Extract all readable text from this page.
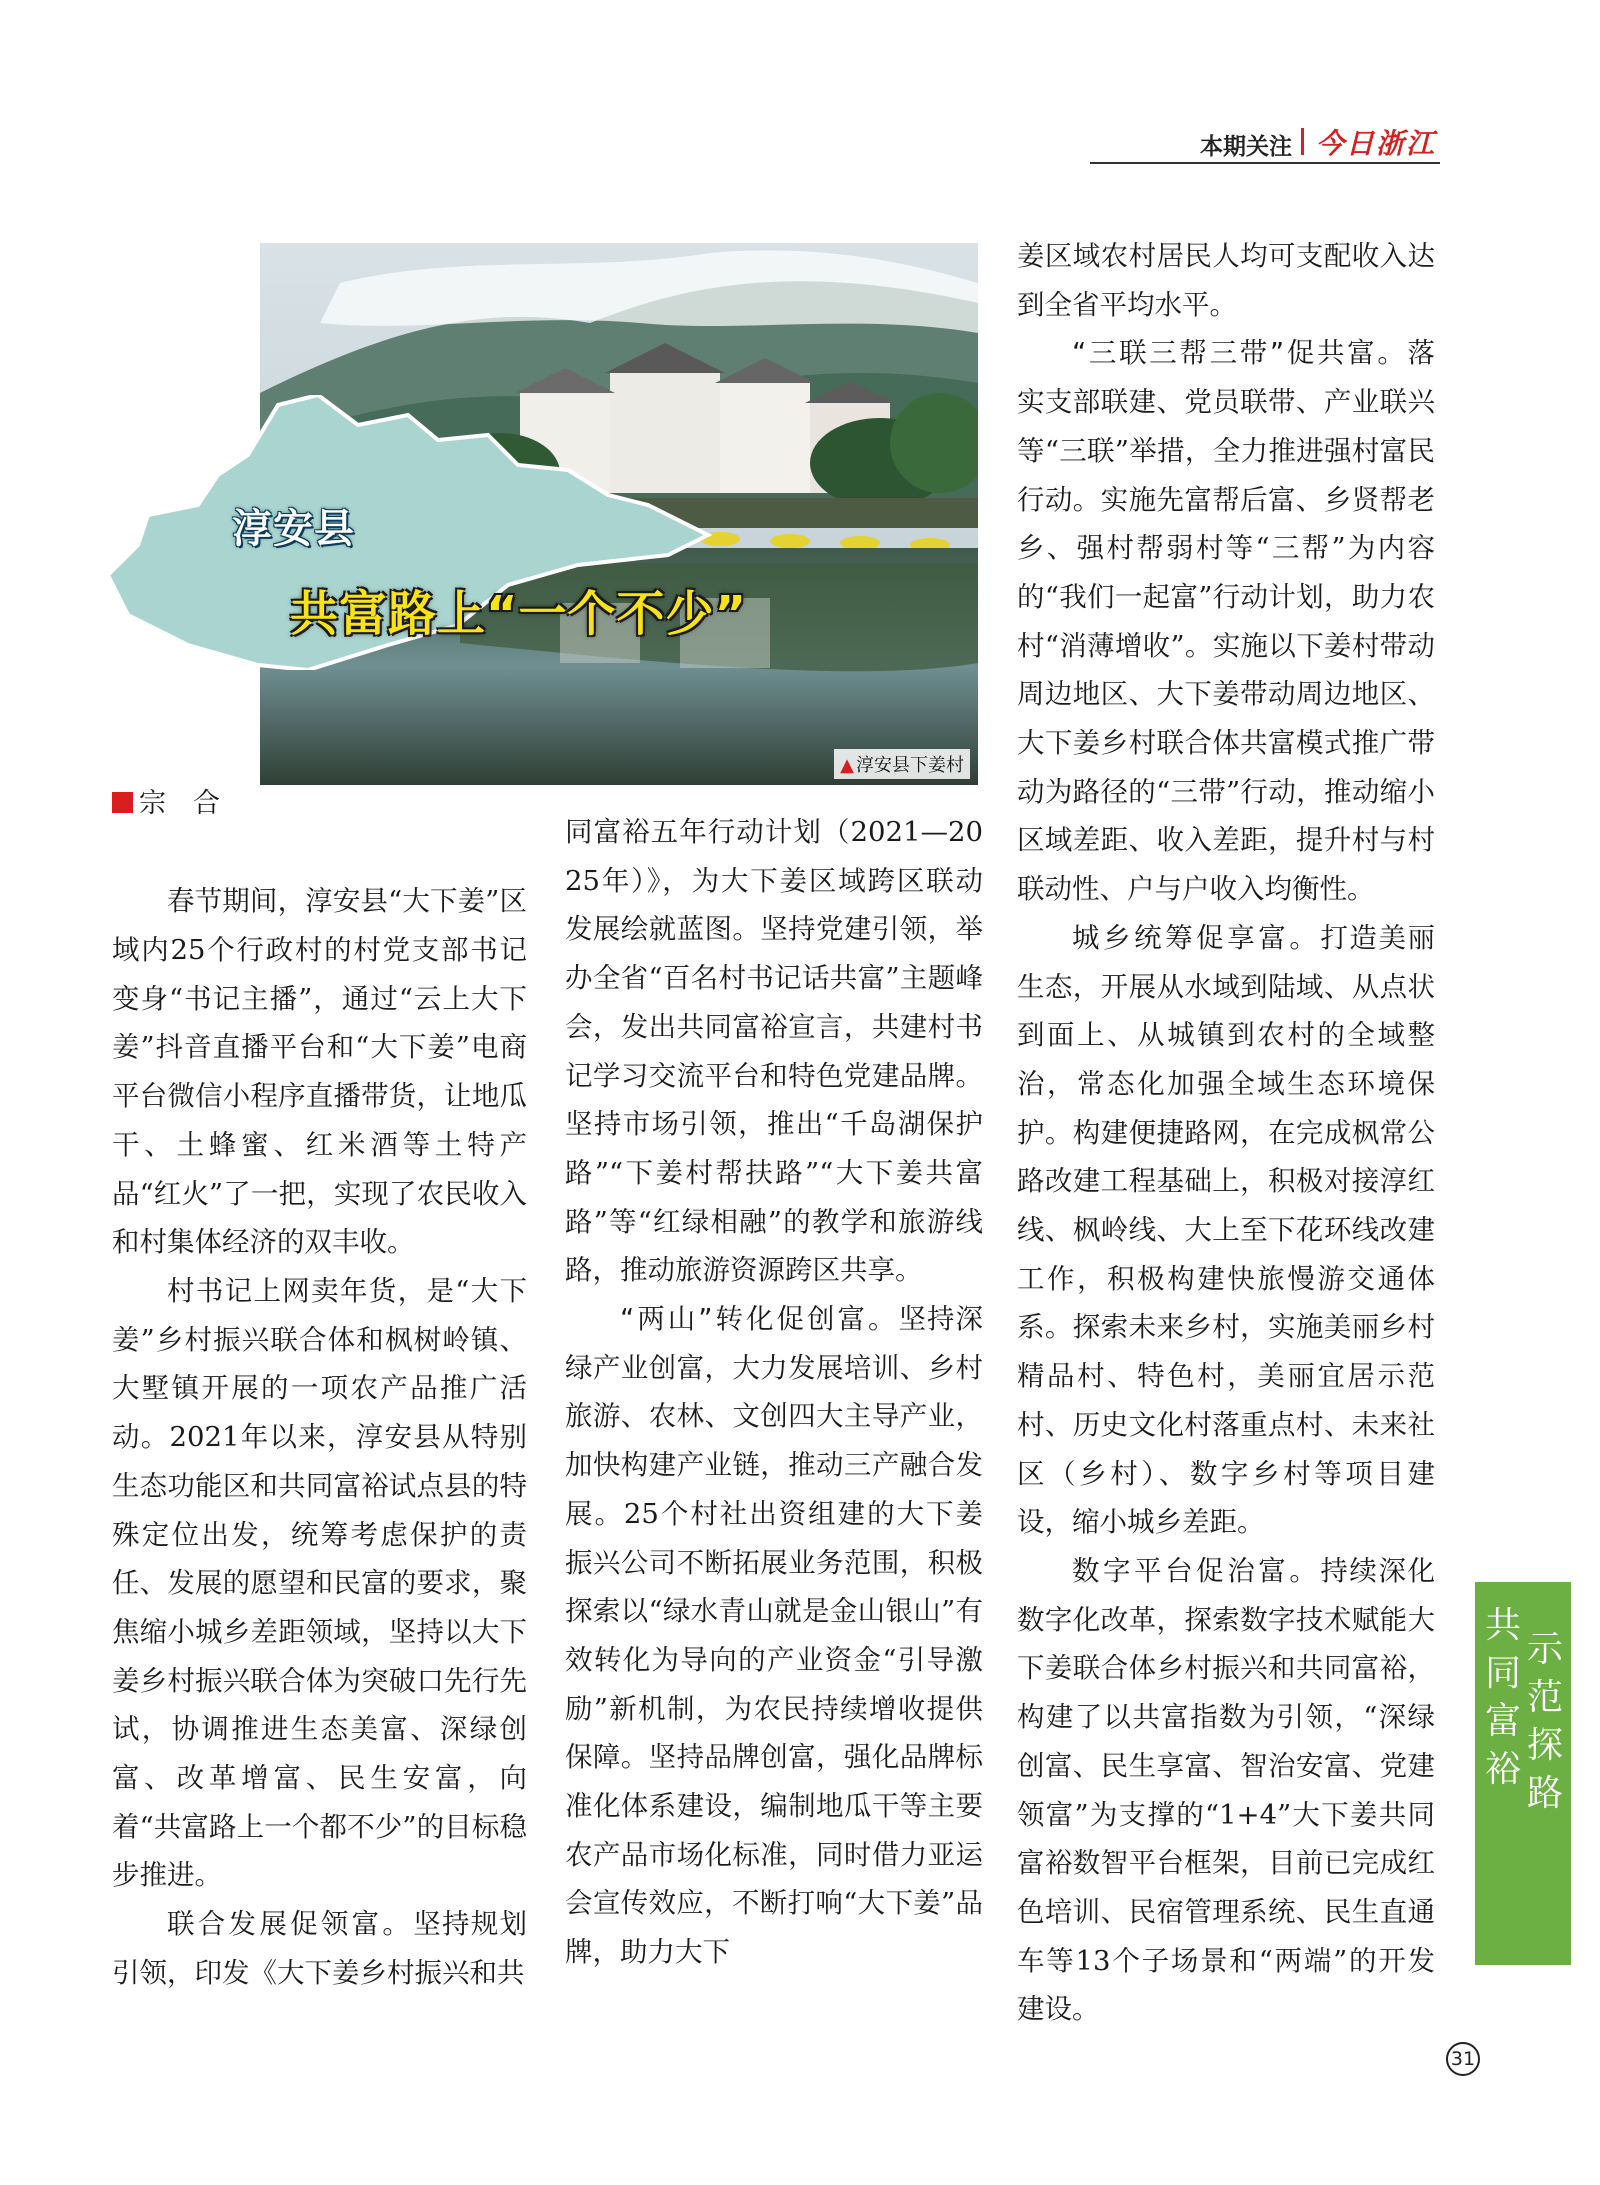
本期关注 今日浙江
▲ 淳安县下姜村
淳安县
共富路上“一个不少”
宗　合

春节期间，淳安县“大下姜”区域内25个行政村的村党支部书记变身“书记主播”，通过“云上大下姜”抖音直播平台和“大下姜”电商平台微信小程序直播带货，让地瓜干、土蜂蜜、红米酒等土特产品“红火”了一把，实现了农民收入和村集体经济的双丰收。

村书记上网卖年货，是“大下姜”乡村振兴联合体和枫树岭镇、大墅镇开展的一项农产品推广活动。2021年以来，淳安县从特别生态功能区和共同富裕试点县的特殊定位出发，统筹考虑保护的责任、发展的愿望和民富的要求，聚焦缩小城乡差距领域，坚持以大下姜乡村振兴联合体为突破口先行先试，协调推进生态美富、深绿创富、改革增富、民生安富，向着“共富路上一个都不少”的目标稳步推进。

联合发展促领富。坚持规划引领，印发《大下姜乡村振兴和共

同富裕五年行动计划（2021—2025年）》，为大下姜区域跨区联动发展绘就蓝图。坚持党建引领，举办全省“百名村书记话共富”主题峰会，发出共同富裕宣言，共建村书记学习交流平台和特色党建品牌。坚持市场引领，推出“千岛湖保护路”“下姜村帮扶路”“大下姜共富路”等“红绿相融”的教学和旅游线路，推动旅游资源跨区共享。

“两山”转化促创富。坚持深绿产业创富，大力发展培训、乡村旅游、农林、文创四大主导产业，加快构建产业链，推动三产融合发展。25个村社出资组建的大下姜振兴公司不断拓展业务范围，积极探索以“绿水青山就是金山银山”有效转化为导向的产业资金“引导激励”新机制，为农民持续增收提供保障。坚持品牌创富，强化品牌标准化体系建设，编制地瓜干等主要农产品市场化标准，同时借力亚运会宣传效应，不断打响“大下姜”品牌，助力大下

姜区域农村居民人均可支配收入达到全省平均水平。

“三联三帮三带”促共富。落实支部联建、党员联带、产业联兴等“三联”举措，全力推进强村富民行动。实施先富帮后富、乡贤帮老乡、强村帮弱村等“三帮”为内容的“我们一起富”行动计划，助力农村“消薄增收”。实施以下姜村带动周边地区、大下姜带动周边地区、大下姜乡村联合体共富模式推广带动为路径的“三带”行动，推动缩小区域差距、收入差距，提升村与村联动性、户与户收入均衡性。

城乡统筹促享富。打造美丽生态，开展从水域到陆域、从点状到面上、从城镇到农村的全域整治，常态化加强全域生态环境保护。构建便捷路网，在完成枫常公路改建工程基础上，积极对接淳红线、枫岭线、大上至下花环线改建工作，积极构建快旅慢游交通体系。探索未来乡村，实施美丽乡村精品村、特色村，美丽宜居示范村、历史文化村落重点村、未来社区（乡村）、数字乡村等项目建设，缩小城乡差距。

数字平台促治富。持续深化数字化改革，探索数字技术赋能大下姜联合体乡村振兴和共同富裕，构建了以共富指数为引领，“深绿创富、民生享富、智治安富、党建领富”为支撑的“1+4”大下姜共同富裕数智平台框架，目前已完成红色培训、民宿管理系统、民生直通车等13个子场景和“两端”的开发建设。

共
同
富
裕
示
范
探
路
31
